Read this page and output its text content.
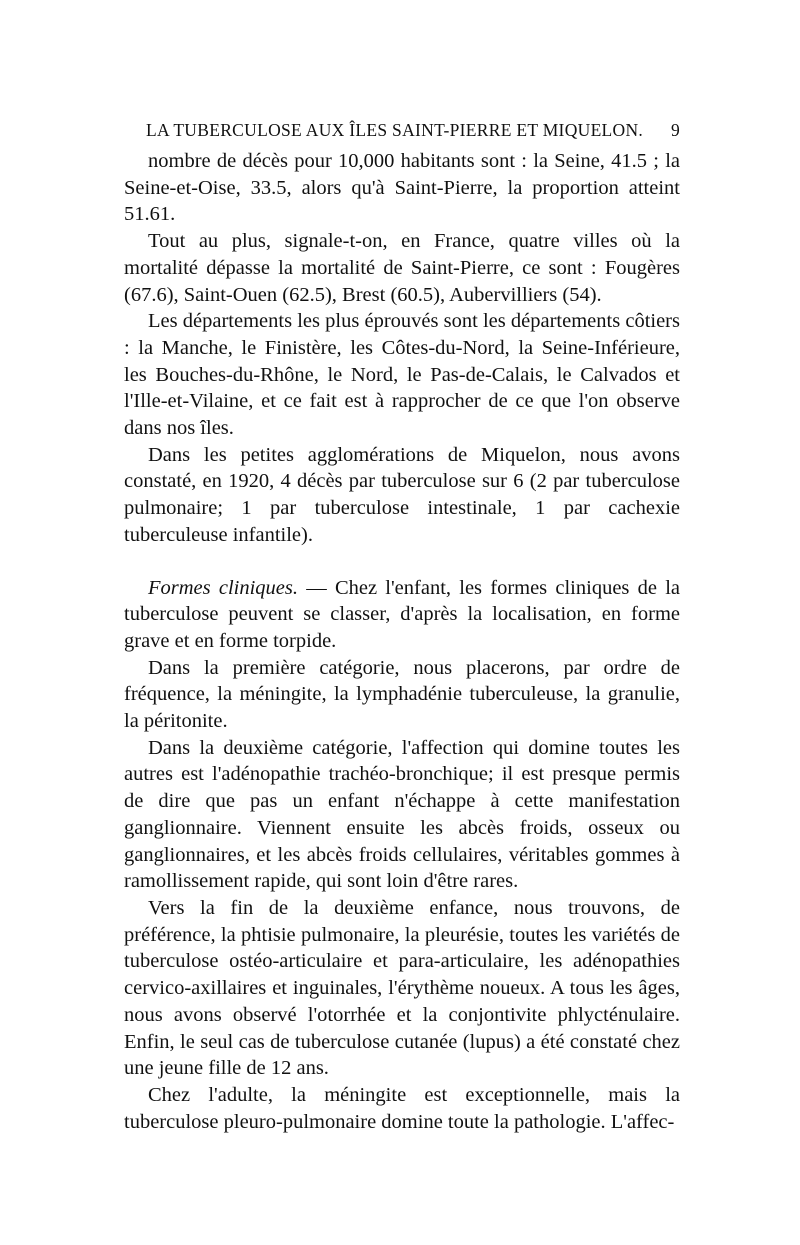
LA TUBERCULOSE AUX ÎLES SAINT-PIERRE ET MIQUELON. 9

nombre de décès pour 10,000 habitants sont : la Seine, 41.5 ; la Seine-et-Oise, 33.5, alors qu'à Saint-Pierre, la proportion atteint 51.61.

Tout au plus, signale-t-on, en France, quatre villes où la mortalité dépasse la mortalité de Saint-Pierre, ce sont : Fougères (67.6), Saint-Ouen (62.5), Brest (60.5), Aubervilliers (54).

Les départements les plus éprouvés sont les départements côtiers : la Manche, le Finistère, les Côtes-du-Nord, la Seine-Inférieure, les Bouches-du-Rhône, le Nord, le Pas-de-Calais, le Calvados et l'Ille-et-Vilaine, et ce fait est à rapprocher de ce que l'on observe dans nos îles.

Dans les petites agglomérations de Miquelon, nous avons constaté, en 1920, 4 décès par tuberculose sur 6 (2 par tuberculose pulmonaire; 1 par tuberculose intestinale, 1 par cachexie tuberculeuse infantile).

Formes cliniques. — Chez l'enfant, les formes cliniques de la tuberculose peuvent se classer, d'après la localisation, en forme grave et en forme torpide.

Dans la première catégorie, nous placerons, par ordre de fréquence, la méningite, la lymphadénie tuberculeuse, la granulie, la péritonite.

Dans la deuxième catégorie, l'affection qui domine toutes les autres est l'adénopathie trachéo-bronchique; il est presque permis de dire que pas un enfant n'échappe à cette manifestation ganglionnaire. Viennent ensuite les abcès froids, osseux ou ganglionnaires, et les abcès froids cellulaires, véritables gommes à ramollissement rapide, qui sont loin d'être rares.

Vers la fin de la deuxième enfance, nous trouvons, de préférence, la phtisie pulmonaire, la pleurésie, toutes les variétés de tuberculose ostéo-articulaire et para-articulaire, les adénopathies cervico-axillaires et inguinales, l'érythème noueux. A tous les âges, nous avons observé l'otorrhée et la conjontivite phlycténulaire. Enfin, le seul cas de tuberculose cutanée (lupus) a été constaté chez une jeune fille de 12 ans.

Chez l'adulte, la méningite est exceptionnelle, mais la tuberculose pleuro-pulmonaire domine toute la pathologie. L'affec-
